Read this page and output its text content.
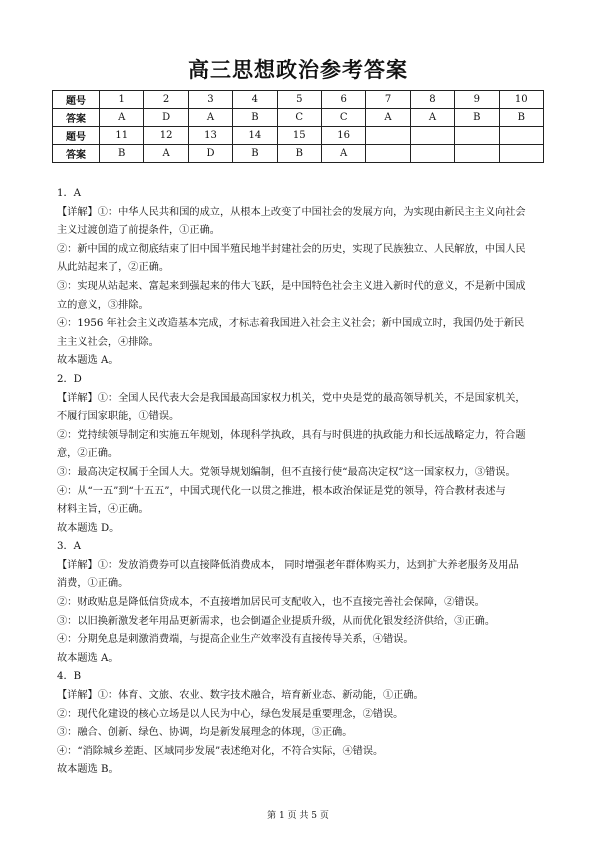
高三思想政治参考答案
题号	1	2	3	4	5	6	7	8	9	10
答案	A	D	A	B	C	C	A	A	B	B
题号	11	12	13	14	15	16				
答案	B	A	D	B	B	A				

1．A

【详解】①：中华人民共和国的成立，从根本上改变了中国社会的发展方向，为实现由新民主主义向社会

主义过渡创造了前提条件，①正确。

②：新中国的成立彻底结束了旧中国半殖民地半封建社会的历史，实现了民族独立、人民解放，中国人民

从此站起来了，②正确。

③：实现从站起来、富起来到强起来的伟大飞跃，是中国特色社会主义进入新时代的意义，不是新中国成

立的意义，③排除。

④：1956 年社会主义改造基本完成，才标志着我国进入社会主义社会；新中国成立时，我国仍处于新民

主主义社会，④排除。

故本题选 A。

2．D

【详解】①：全国人民代表大会是我国最高国家权力机关，党中央是党的最高领导机关，不是国家机关，

不履行国家职能，①错误。

②：党持续领导制定和实施五年规划，体现科学执政，具有与时俱进的执政能力和长远战略定力，符合题

意，②正确。

③：最高决定权属于全国人大。党领导规划编制，但不直接行使“最高决定权”这一国家权力，③错误。

④：从“一五”到“十五五”，中国式现代化一以贯之推进，根本政治保证是党的领导，符合教材表述与

材料主旨，④正确。

故本题选 D。

3．A

【详解】①：发放消费券可以直接降低消费成本， 同时增强老年群体购买力，达到扩大养老服务及用品

消费，①正确。

②：财政贴息是降低信贷成本，不直接增加居民可支配收入，也不直接完善社会保障，②错误。

③：以旧换新激发老年用品更新需求，也会倒逼企业提质升级，从而优化银发经济供给，③正确。

④：分期免息是刺激消费端，与提高企业生产效率没有直接传导关系，④错误。

故本题选 A。

4．B

【详解】①：体育、文旅、农业、数字技术融合，培育新业态、新动能，①正确。

②：现代化建设的核心立场是以人民为中心，绿色发展是重要理念，②错误。

③：融合、创新、绿色、协调，均是新发展理念的体现，③正确。

④：“消除城乡差距、区域同步发展”表述绝对化，不符合实际，④错误。

故本题选 B。

第 1 页 共 5 页
